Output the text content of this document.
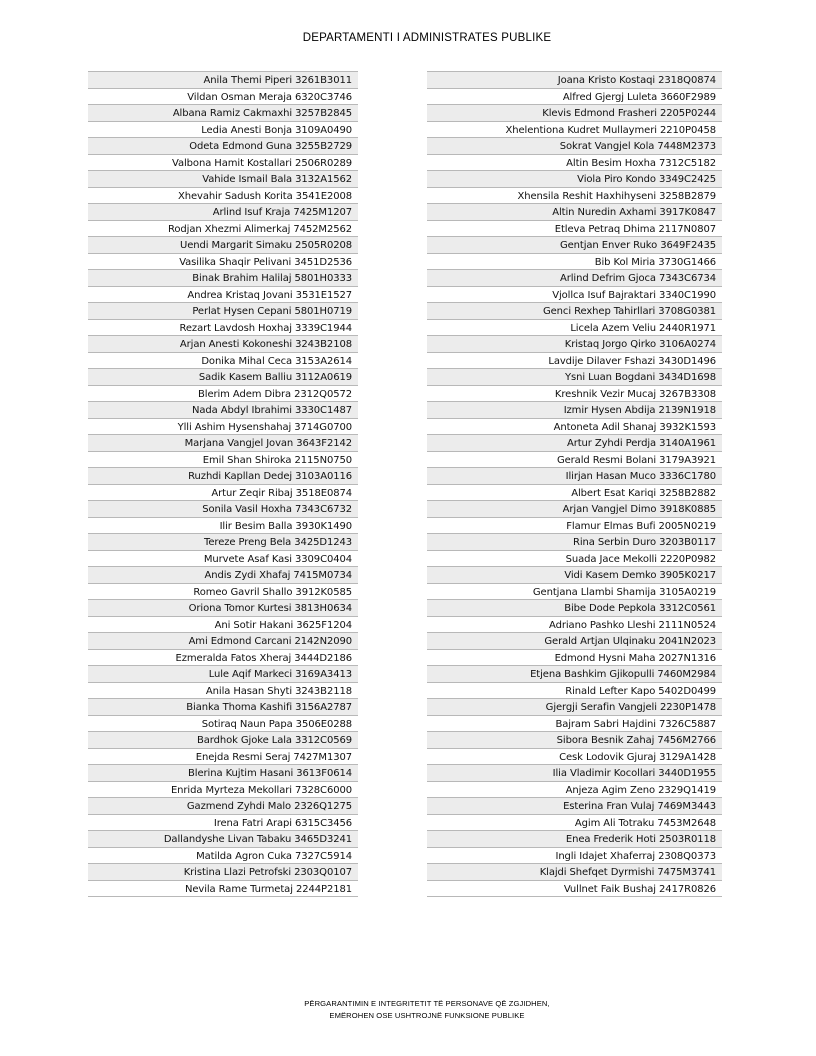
DEPARTAMENTI I ADMINISTRATES PUBLIKE
Anila Themi Piperi 3261B3011
Vildan Osman Meraja 6320C3746
Albana Ramiz Cakmaxhi 3257B2845
Ledia Anesti Bonja 3109A0490
Odeta Edmond Guna 3255B2729
Valbona Hamit Kostallari 2506R0289
Vahide Ismail Bala 3132A1562
Xhevahir Sadush Korita 3541E2008
Arlind Isuf Kraja 7425M1207
Rodjan Xhezmi Alimerkaj 7452M2562
Uendi Margarit Simaku 2505R0208
Vasilika Shaqir Pelivani 3451D2536
Binak Brahim Halilaj 5801H0333
Andrea Kristaq Jovani 3531E1527
Perlat Hysen Cepani 5801H0719
Rezart Lavdosh Hoxhaj 3339C1944
Arjan Anesti Kokoneshi 3243B2108
Donika Mihal Ceca 3153A2614
Sadik Kasem Balliu 3112A0619
Blerim Adem Dibra 2312Q0572
Nada Abdyl Ibrahimi 3330C1487
Ylli Ashim Hysenshahaj 3714G0700
Marjana Vangjel Jovan 3643F2142
Emil Shan Shiroka 2115N0750
Ruzhdi Kapllan Dedej 3103A0116
Artur Zeqir Ribaj 3518E0874
Sonila Vasil Hoxha 7343C6732
Ilir Besim Balla 3930K1490
Tereze Preng Bela 3425D1243
Murvete Asaf Kasi 3309C0404
Andis Zydi Xhafaj 7415M0734
Romeo Gavril Shallo 3912K0585
Oriona Tomor Kurtesi 3813H0634
Ani Sotir Hakani 3625F1204
Ami Edmond Carcani 2142N2090
Ezmeralda Fatos Xheraj 3444D2186
Lule Aqif Markeci 3169A3413
Anila Hasan Shyti 3243B2118
Bianka Thoma Kashifi 3156A2787
Sotiraq Naun Papa 3506E0288
Bardhok Gjoke Lala 3312C0569
Enejda Resmi Seraj 7427M1307
Blerina Kujtim Hasani 3613F0614
Enrida Myrteza Mekollari 7328C6000
Gazmend Zyhdi Malo 2326Q1275
Irena Fatri Arapi 6315C3456
Dallandyshe Livan Tabaku 3465D3241
Matilda Agron Cuka 7327C5914
Kristina Llazi Petrofski 2303Q0107
Nevila Rame Turmetaj 2244P2181
Joana Kristo Kostaqi 2318Q0874
Alfred Gjergj Luleta 3660F2989
Klevis Edmond Frasheri 2205P0244
Xhelentiona Kudret Mullaymeri 2210P0458
Sokrat Vangjel Kola 7448M2373
Altin Besim Hoxha 7312C5182
Viola Piro Kondo 3349C2425
Xhensila Reshit Haxhihyseni 3258B2879
Altin Nuredin Axhami 3917K0847
Etleva Petraq Dhima 2117N0807
Gentjan Enver Ruko 3649F2435
Bib Kol Miria 3730G1466
Arlind Defrim Gjoca 7343C6734
Vjollca Isuf Bajraktari 3340C1990
Genci Rexhep Tahirllari 3708G0381
Licela Azem Veliu 2440R1971
Kristaq Jorgo Qirko 3106A0274
Lavdije Dilaver Fshazi 3430D1496
Ysni Luan Bogdani 3434D1698
Kreshnik Vezir Mucaj 3267B3308
Izmir Hysen Abdija 2139N1918
Antoneta Adil Shanaj 3932K1593
Artur Zyhdi Perdja 3140A1961
Gerald Resmi Bolani 3179A3921
Ilirjan Hasan Muco 3336C1780
Albert Esat Kariqi 3258B2882
Arjan Vangjel Dimo 3918K0885
Flamur Elmas Bufi 2005N0219
Rina Serbin Duro 3203B0117
Suada Jace Mekolli 2220P0982
Vidi Kasem Demko 3905K0217
Gentjana Llambi Shamija 3105A0219
Bibe Dode Pepkola 3312C0561
Adriano Pashko Lleshi 2111N0524
Gerald Artjan Ulqinaku 2041N2023
Edmond Hysni Maha 2027N1316
Etjena Bashkim Gjikopulli 7460M2984
Rinald Lefter Kapo 5402D0499
Gjergji Serafin Vangjeli 2230P1478
Bajram Sabri Hajdini 7326C5887
Sibora Besnik Zahaj 7456M2766
Cesk Lodovik Gjuraj 3129A1428
Ilia Vladimir Kocollari 3440D1955
Anjeza Agim Zeno 2329Q1419
Esterina Fran Vulaj 7469M3443
Agim Ali Totraku 7453M2648
Enea Frederik Hoti 2503R0118
Ingli Idajet Xhaferraj 2308Q0373
Klajdi Shefqet Dyrmishi 7475M3741
Vullnet Faik Bushaj 2417R0826
PËRGARANTIMIN E INTEGRITETIT TË PERSONAVE QË ZGJIDHEN,
EMËROHEN OSE USHTROJNË FUNKSIONE PUBLIKE
